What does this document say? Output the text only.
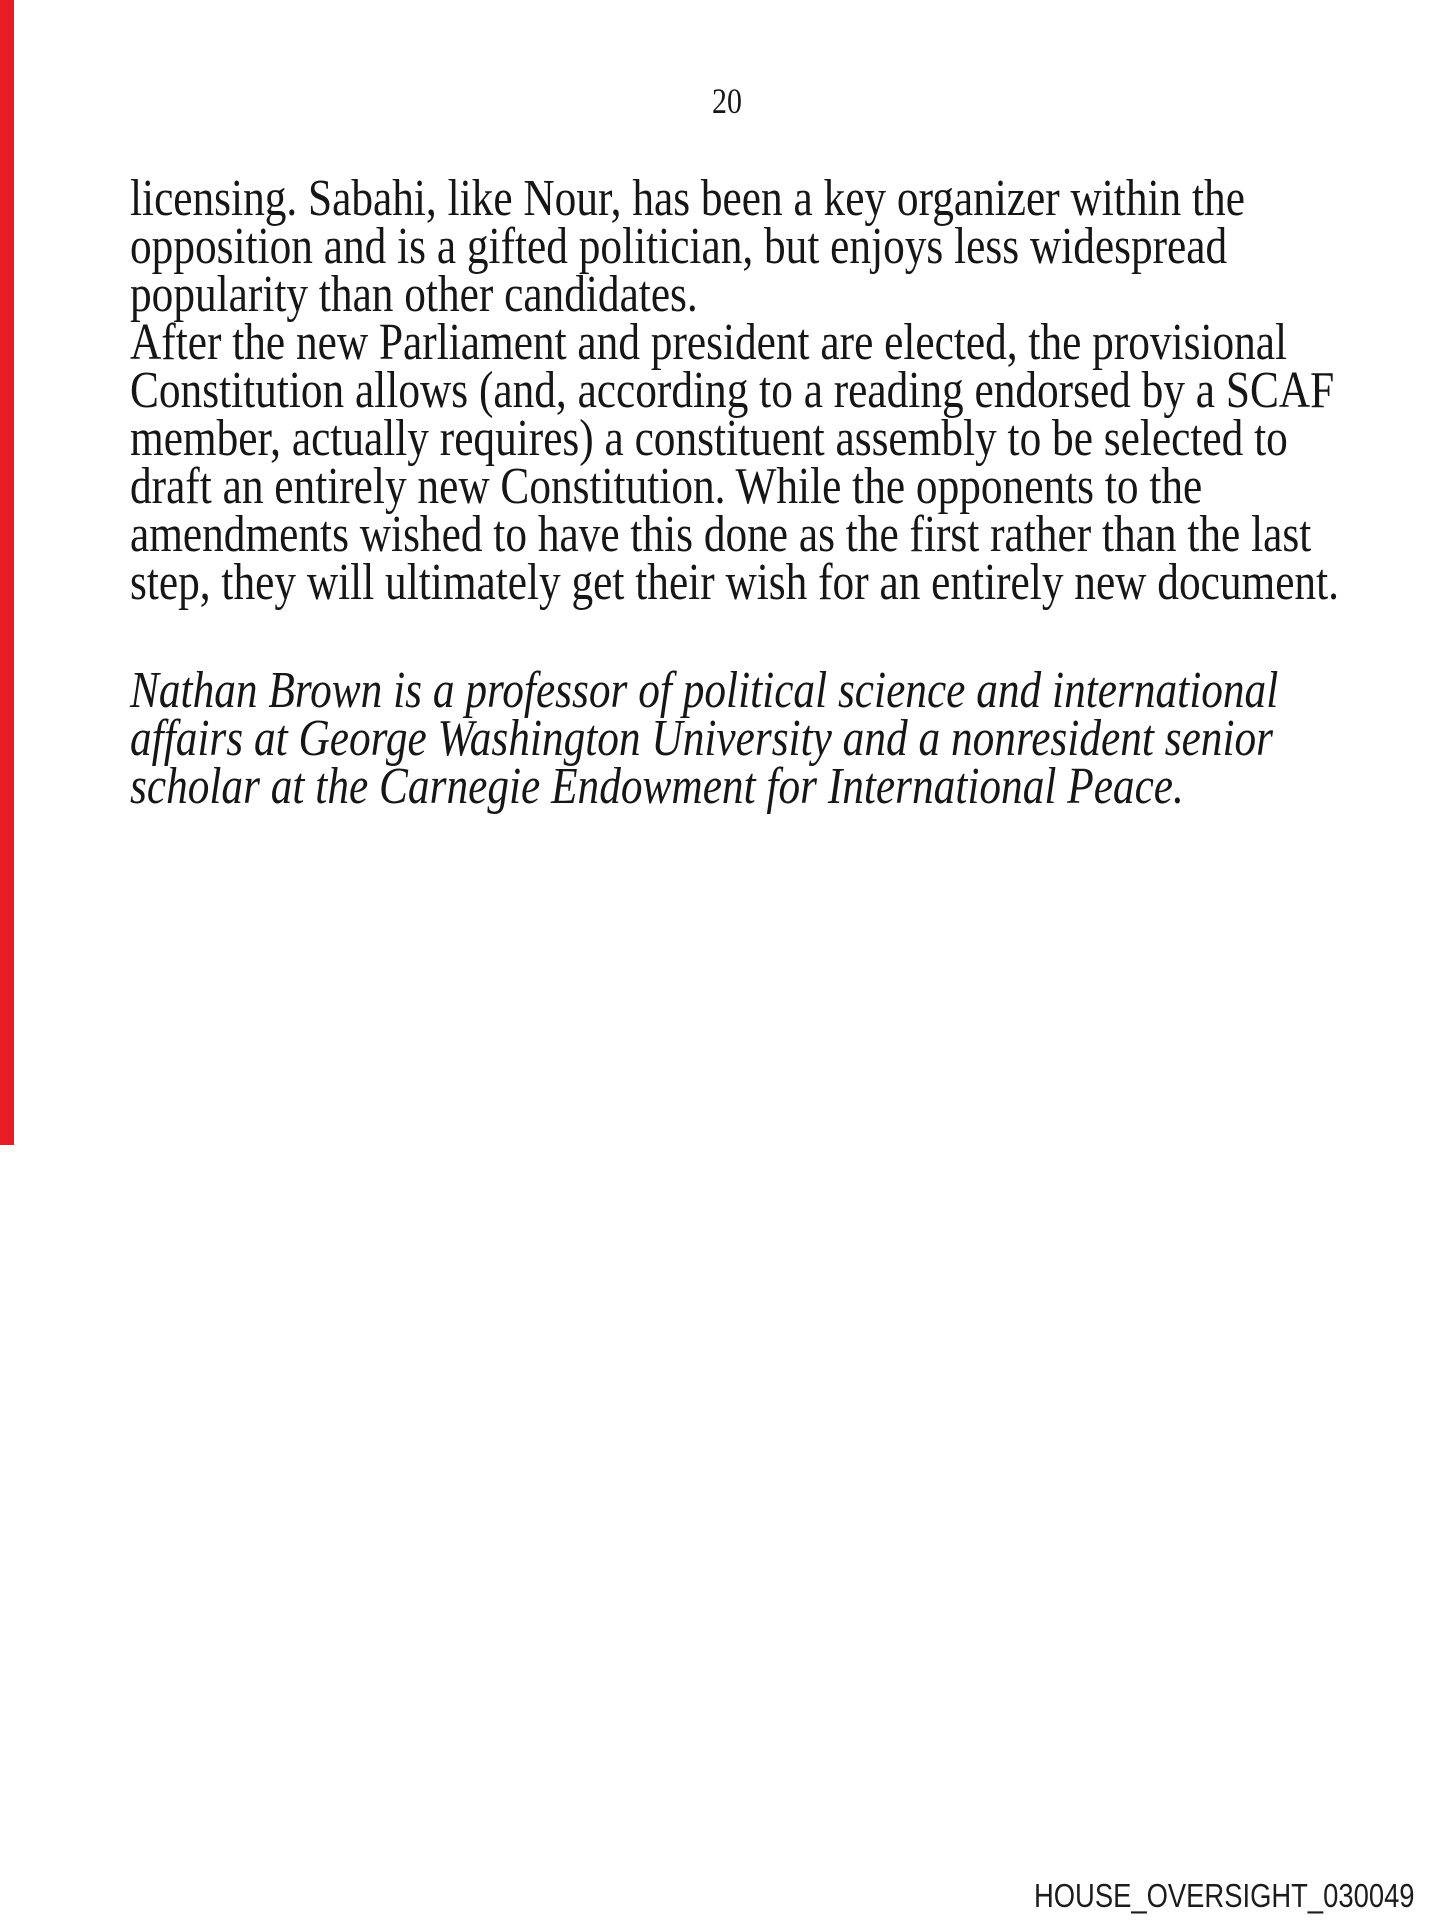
20
licensing. Sabahi, like Nour, has been a key organizer within the
opposition and is a gifted politician, but enjoys less widespread
popularity than other candidates.
After the new Parliament and president are elected, the provisional
Constitution allows (and, according to a reading endorsed by a SCAF
member, actually requires) a constituent assembly to be selected to
draft an entirely new Constitution. While the opponents to the
amendments wished to have this done as the first rather than the last
step, they will ultimately get their wish for an entirely new document.
Nathan Brown is a professor of political science and international
affairs at George Washington University and a nonresident senior
scholar at the Carnegie Endowment for International Peace.
HOUSE_OVERSIGHT_030049
